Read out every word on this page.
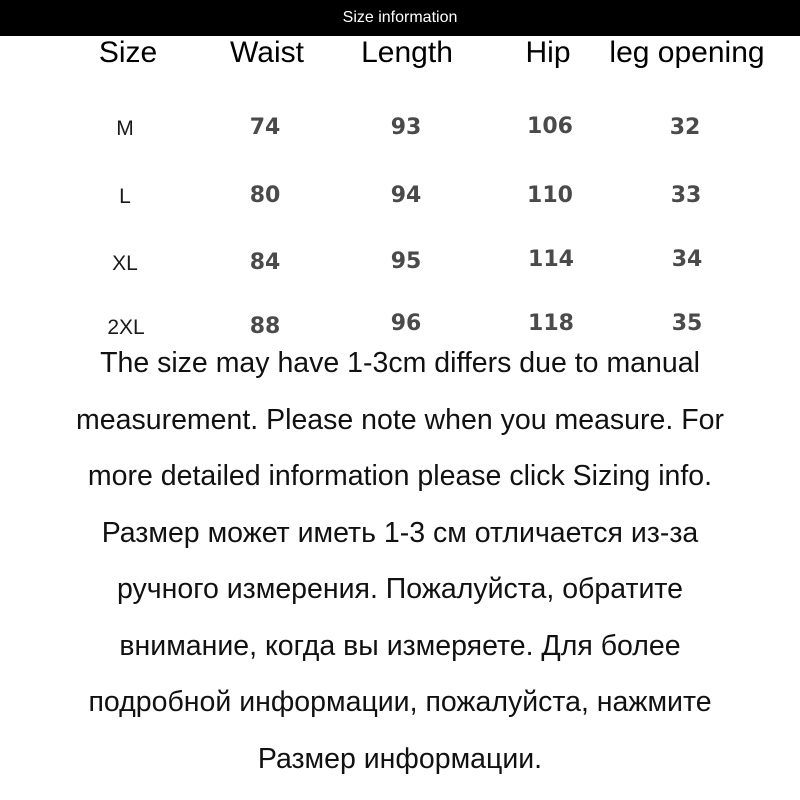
Size information
Size Waist Length Hip leg opening
M	74	93	106	32
L	80	94	110	33
XL	84	95	114	34
2XL	88	96	118	35
The size may have 1-3cm differs due to manual
measurement. Please note when you measure. For
more detailed information please click Sizing info.
Размер может иметь 1-3 см отличается из-за
ручного измерения. Пожалуйста, обратите
внимание, когда вы измеряете. Для более
подробной информации, пожалуйста, нажмите
Размер информации.
